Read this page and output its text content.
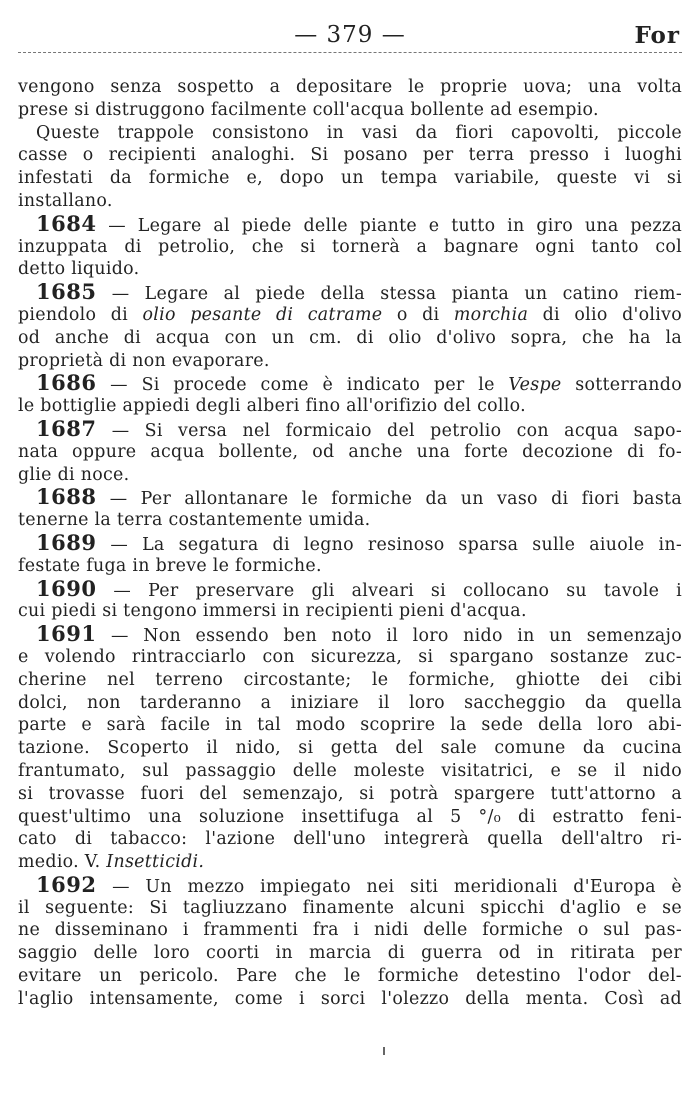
— 379 —	For
vengono senza sospetto a depositare le proprie uova; una volta
prese si distruggono facilmente coll'acqua bollente ad esempio.
Queste trappole consistono in vasi da fiori capovolti, piccole
casse o recipienti analoghi. Si posano per terra presso i luoghi
infestati da formiche e, dopo un tempa variabile, queste vi si
installano.
1684 — Legare al piede delle piante e tutto in giro una pezza
inzuppata di petrolio, che si tornerà a bagnare ogni tanto col
detto liquido.
1685 — Legare al piede della stessa pianta un catino riem-
piendolo di olio pesante di catrame o di morchia di olio d'olivo
od anche di acqua con un cm. di olio d'olivo sopra, che ha la
proprietà di non evaporare.
1686 — Si procede come è indicato per le Vespe sotterrando
le bottiglie appiedi degli alberi fino all'orifizio del collo.
1687 — Si versa nel formicaio del petrolio con acqua sapo-
nata oppure acqua bollente, od anche una forte decozione di fo-
glie di noce.
1688 — Per allontanare le formiche da un vaso di fiori basta
tenerne la terra costantemente umida.
1689 — La segatura di legno resinoso sparsa sulle aiuole in-
festate fuga in breve le formiche.
1690 — Per preservare gli alveari si collocano su tavole i
cui piedi si tengono immersi in recipienti pieni d'acqua.
1691 — Non essendo ben noto il loro nido in un semenzajo
e volendo rintracciarlo con sicurezza, si spargano sostanze zuc-
cherine nel terreno circostante; le formiche, ghiotte dei cibi
dolci, non tarderanno a iniziare il loro saccheggio da quella
parte e sarà facile in tal modo scoprire la sede della loro abi-
tazione. Scoperto il nido, si getta del sale comune da cucina
frantumato, sul passaggio delle moleste visitatrici, e se il nido
si trovasse fuori del semenzajo, si potrà spargere tutt'attorno a
quest'ultimo una soluzione insettifuga al 5 °/₀ di estratto feni-
cato di tabacco: l'azione dell'uno integrerà quella dell'altro ri-
medio. V. Insetticidi.
1692 — Un mezzo impiegato nei siti meridionali d'Europa è
il seguente: Si tagliuzzano finamente alcuni spicchi d'aglio e se
ne disseminano i frammenti fra i nidi delle formiche o sul pas-
saggio delle loro coorti in marcia di guerra od in ritirata per
evitare un pericolo. Pare che le formiche detestino l'odor del-
l'aglio intensamente, come i sorci l'olezzo della menta. Così ad
